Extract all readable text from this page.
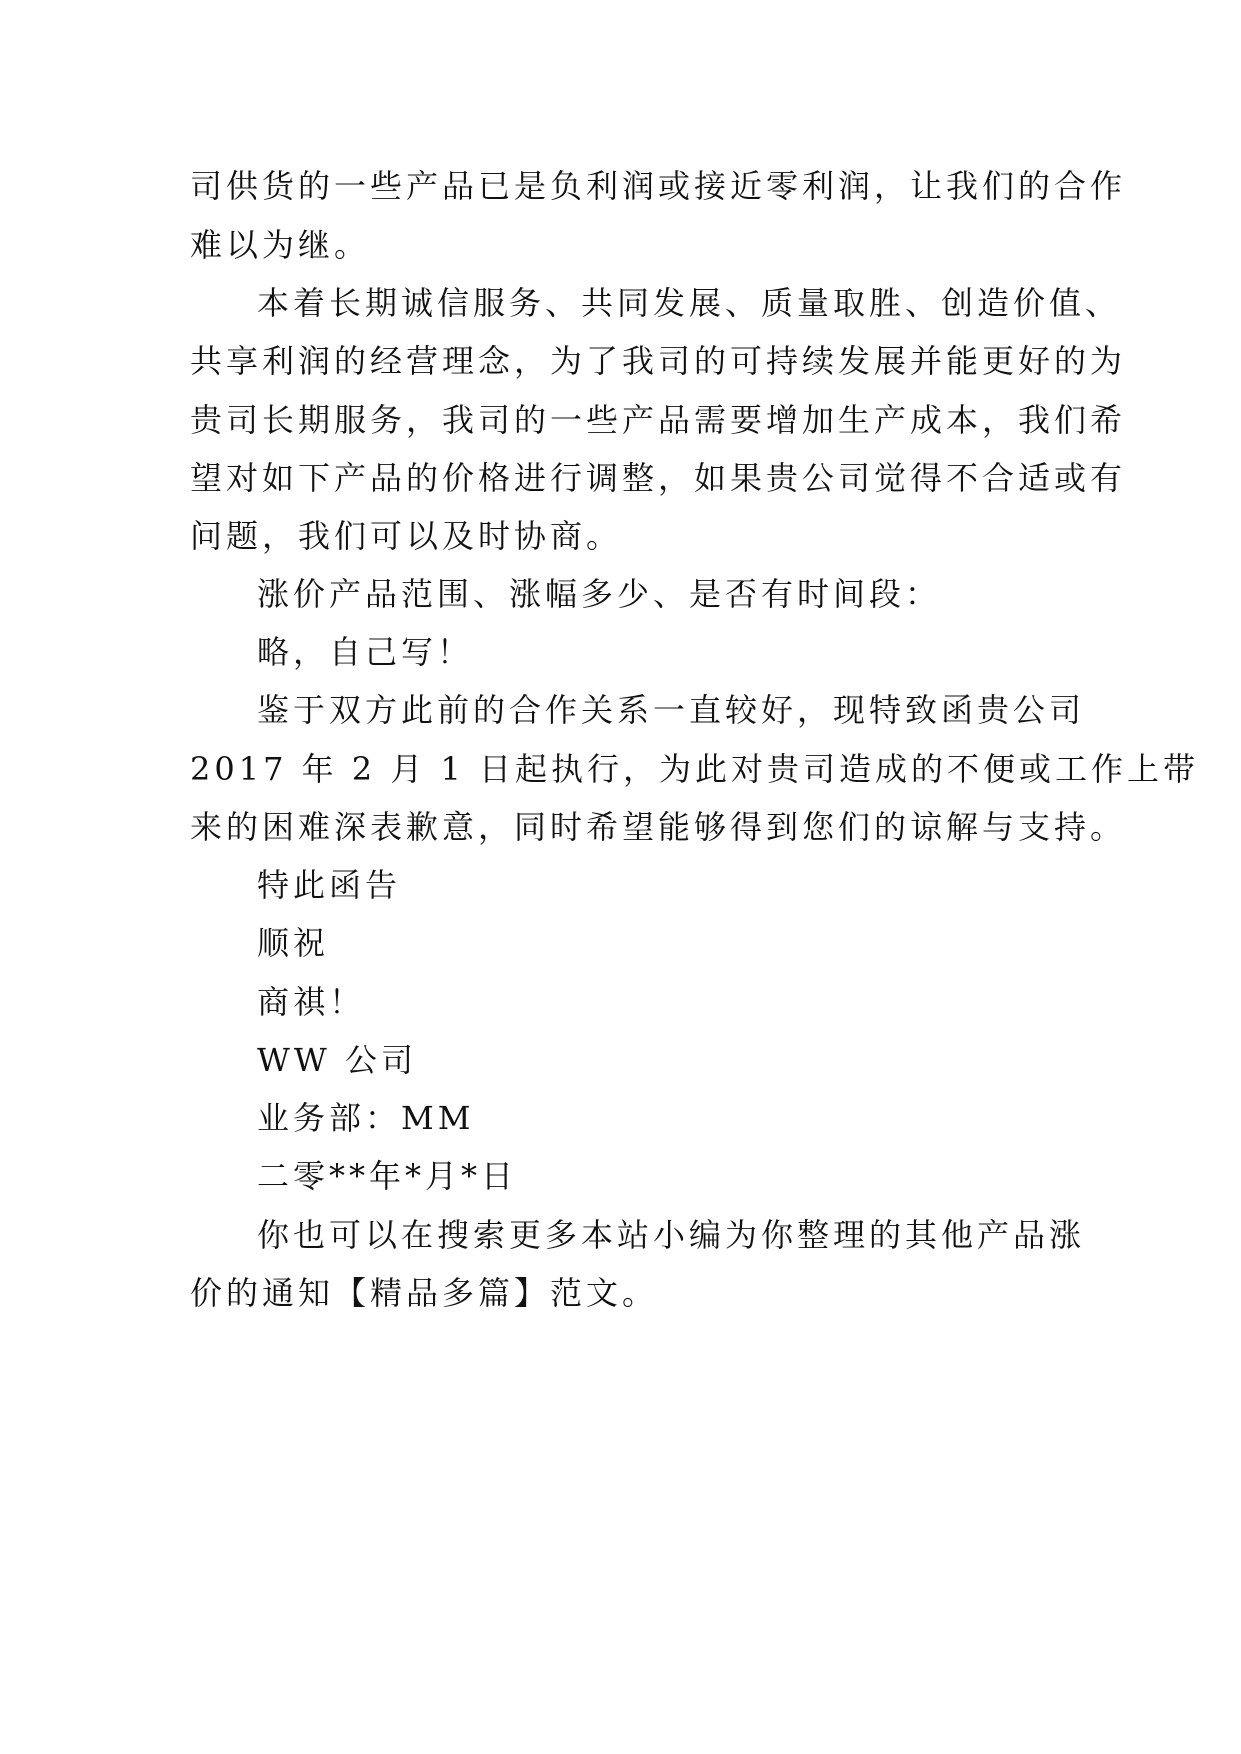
司供货的一些产品已是负利润或接近零利润，让我们的合作
难以为继。
本着长期诚信服务、共同发展、质量取胜、创造价值、
共享利润的经营理念，为了我司的可持续发展并能更好的为
贵司长期服务，我司的一些产品需要增加生产成本，我们希
望对如下产品的价格进行调整，如果贵公司觉得不合适或有
问题，我们可以及时协商。
涨价产品范围、涨幅多少、是否有时间段：
略，自己写！
鉴于双方此前的合作关系一直较好，现特致函贵公司
2017 年 2 月 1 日起执行，为此对贵司造成的不便或工作上带
来的困难深表歉意，同时希望能够得到您们的谅解与支持。
特此函告
顺祝
商祺！
WW 公司
业务部：MM
二零**年*月*日
你也可以在搜索更多本站小编为你整理的其他产品涨
价的通知【精品多篇】范文。
